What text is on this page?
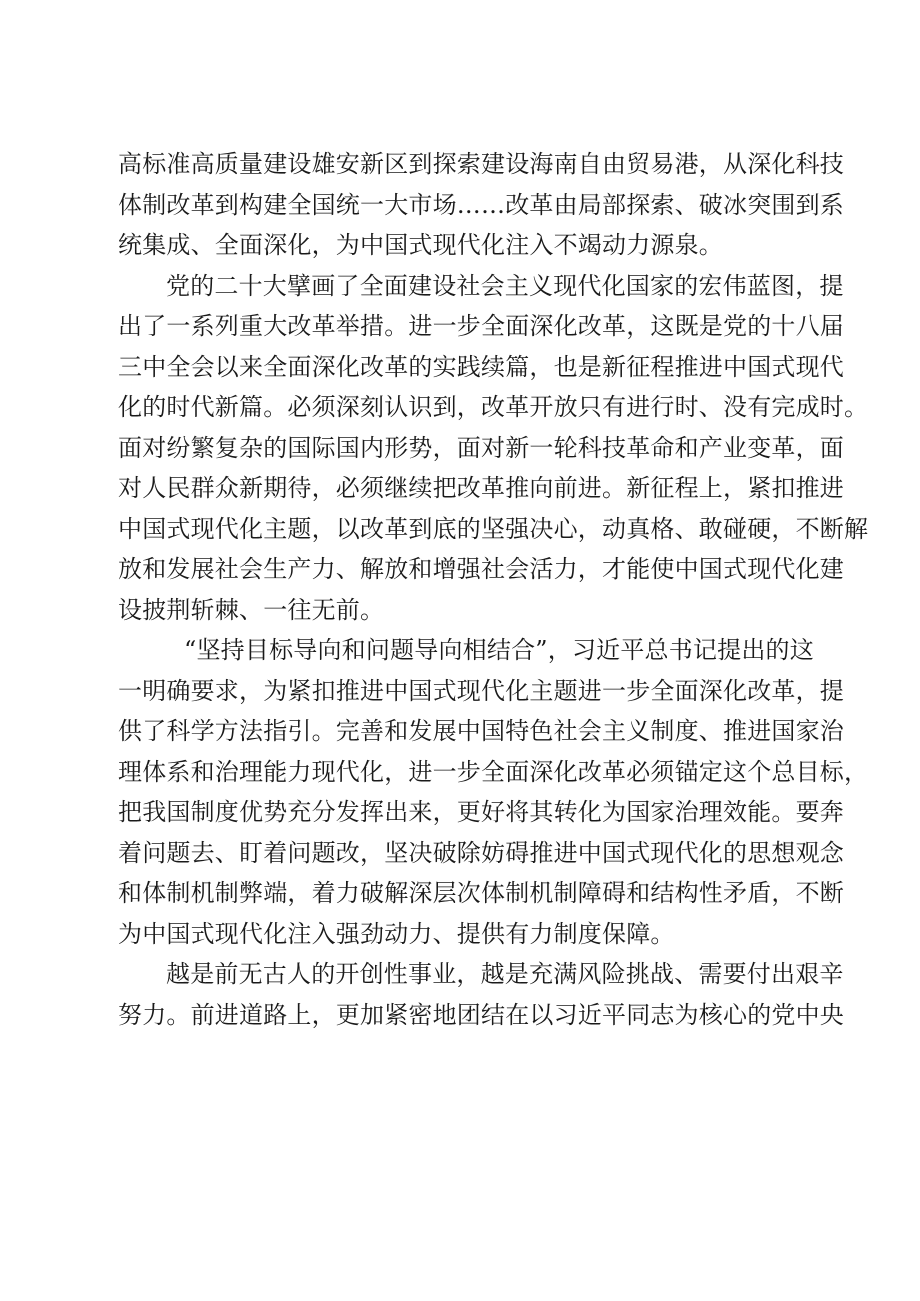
高标准高质量建设雄安新区到探索建设海南自由贸易港，从深化科技
体制改革到构建全国统一大市场……改革由局部探索、破冰突围到系
统集成、全面深化，为中国式现代化注入不竭动力源泉。
党的二十大擘画了全面建设社会主义现代化国家的宏伟蓝图，提
出了一系列重大改革举措。进一步全面深化改革，这既是党的十八届
三中全会以来全面深化改革的实践续篇，也是新征程推进中国式现代
化的时代新篇。必须深刻认识到，改革开放只有进行时、没有完成时。
面对纷繁复杂的国际国内形势，面对新一轮科技革命和产业变革，面
对人民群众新期待，必须继续把改革推向前进。新征程上，紧扣推进
中国式现代化主题，以改革到底的坚强决心，动真格、敢碰硬，不断解
放和发展社会生产力、解放和增强社会活力，才能使中国式现代化建
设披荆斩棘、一往无前。
“坚持目标导向和问题导向相结合”，习近平总书记提出的这
一明确要求，为紧扣推进中国式现代化主题进一步全面深化改革，提
供了科学方法指引。完善和发展中国特色社会主义制度、推进国家治
理体系和治理能力现代化，进一步全面深化改革必须锚定这个总目标，
把我国制度优势充分发挥出来，更好将其转化为国家治理效能。要奔
着问题去、盯着问题改，坚决破除妨碍推进中国式现代化的思想观念
和体制机制弊端，着力破解深层次体制机制障碍和结构性矛盾，不断
为中国式现代化注入强劲动力、提供有力制度保障。
越是前无古人的开创性事业，越是充满风险挑战、需要付出艰辛
努力。前进道路上，更加紧密地团结在以习近平同志为核心的党中央
